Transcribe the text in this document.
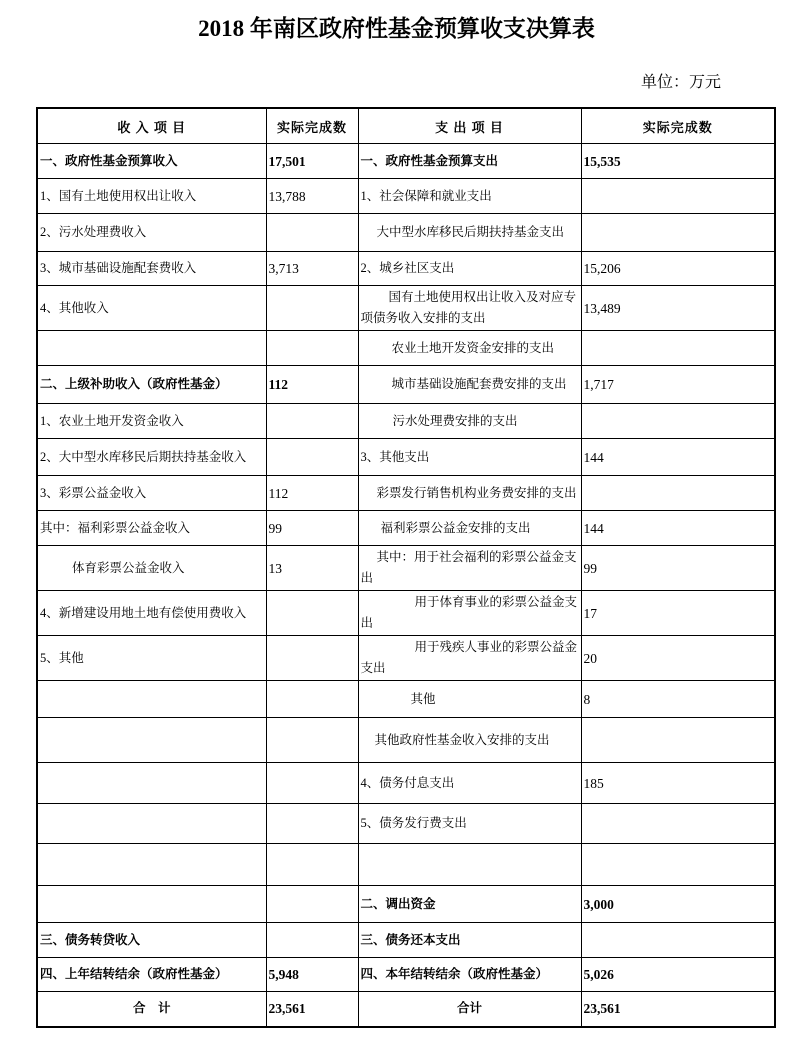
2018 年南区政府性基金预算收支决算表
单位：万元
收 入 项 目	实际完成数	支 出 项 目	实际完成数
一、政府性基金预算收入	17,501	一、政府性基金预算支出	15,535
1、国有土地使用权出让收入	13,788	1、社会保障和就业支出	
2、污水处理费收入		大中型水库移民后期扶持基金支出	
3、城市基础设施配套费收入	3,713	2、城乡社区支出	15,206
4、其他收入		国有土地使用权出让收入及对应专项债务收入安排的支出	13,489
		农业土地开发资金安排的支出	
二、上级补助收入（政府性基金）	112	城市基础设施配套费安排的支出	1,717
1、农业土地开发资金收入		污水处理费安排的支出	
2、大中型水库移民后期扶持基金收入		3、其他支出	144
3、彩票公益金收入	112	彩票发行销售机构业务费安排的支出	
其中：福利彩票公益金收入	99	福利彩票公益金安排的支出	144
体育彩票公益金收入	13	其中：用于社会福利的彩票公益金支出	99
4、新增建设用地土地有偿使用费收入		用于体育事业的彩票公益金支出	17
5、其他		用于残疾人事业的彩票公益金支出	20
		其他	8
		其他政府性基金收入安排的支出	
		4、债务付息支出	185
		5、债务发行费支出	

		二、调出资金	3,000
三、债务转贷收入		三、债务还本支出	
四、上年结转结余（政府性基金）	5,948	四、本年结转结余（政府性基金）	5,026
合　计	23,561	合计	23,561
